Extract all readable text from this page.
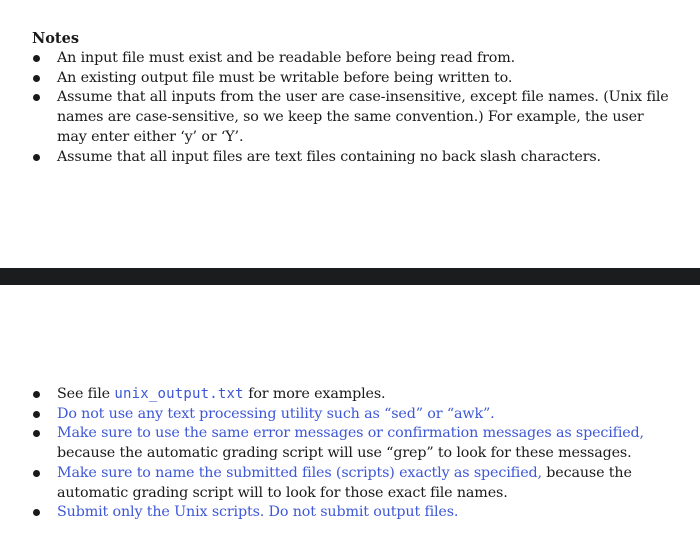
Notes
An input file must exist and be readable before being read from.
An existing output file must be writable before being written to.
Assume that all inputs from the user are case-insensitive, except file names. (Unix file names are case-sensitive, so we keep the same convention.) For example, the user may enter either ‘y’ or ‘Y’.
Assume that all input files are text files containing no back slash characters.
See file unix_output.txt for more examples.
Do not use any text processing utility such as “sed” or “awk”.
Make sure to use the same error messages or confirmation messages as specified, because the automatic grading script will use “grep” to look for these messages.
Make sure to name the submitted files (scripts) exactly as specified, because the automatic grading script will to look for those exact file names.
Submit only the Unix scripts. Do not submit output files.
